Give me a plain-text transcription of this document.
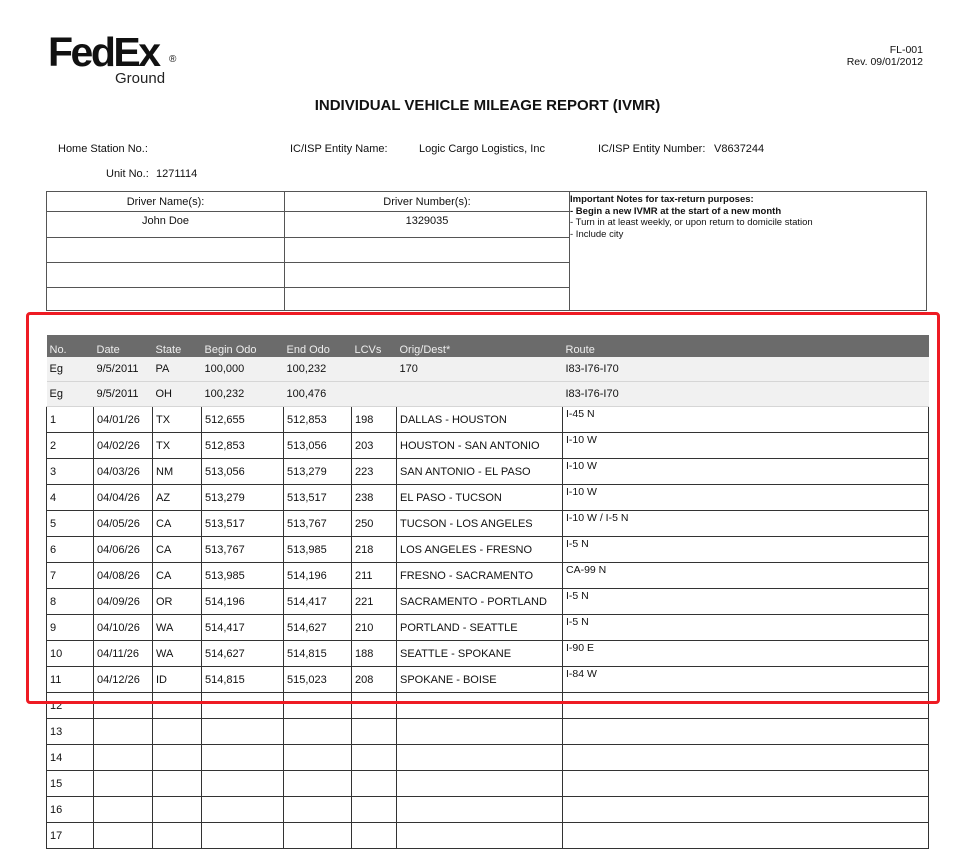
FedEx	®
Ground
FL-001
Rev. 09/01/2012
INDIVIDUAL VEHICLE MILEAGE REPORT (IVMR)
Home Station No.:	IC/ISP Entity Name:	Logic Cargo Logistics, Inc	IC/ISP Entity Number: V8637244
Unit No.: 1271114
Driver Name(s):
John Doe
Driver Number(s):
1329035
Important Notes for tax-return purposes:
- Begin a new IVMR at the start of a new month
- Turn in at least weekly, or upon return to domicile station
- Include city
No.	Date	State	Begin Odo	End Odo	LCVs	Orig/Dest*	Route
Eg	9/5/2011	PA	100,000	100,232		170	I83-I76-I70
Eg	9/5/2011	OH	100,232	100,476			I83-I76-I70
1	04/01/26	TX	512,655	512,853	198	DALLAS - HOUSTON	I-45 N
2	04/02/26	TX	512,853	513,056	203	HOUSTON - SAN ANTONIO	I-10 W
3	04/03/26	NM	513,056	513,279	223	SAN ANTONIO - EL PASO	I-10 W
4	04/04/26	AZ	513,279	513,517	238	EL PASO - TUCSON	I-10 W
5	04/05/26	CA	513,517	513,767	250	TUCSON - LOS ANGELES	I-10 W / I-5 N
6	04/06/26	CA	513,767	513,985	218	LOS ANGELES - FRESNO	I-5 N
7	04/08/26	CA	513,985	514,196	211	FRESNO - SACRAMENTO	CA-99 N
8	04/09/26	OR	514,196	514,417	221	SACRAMENTO - PORTLAND	I-5 N
9	04/10/26	WA	514,417	514,627	210	PORTLAND - SEATTLE	I-5 N
10	04/11/26	WA	514,627	514,815	188	SEATTLE - SPOKANE	I-90 E
11	04/12/26	ID	514,815	515,023	208	SPOKANE - BOISE	I-84 W
12							
13							
14							
15							
16							
17							
